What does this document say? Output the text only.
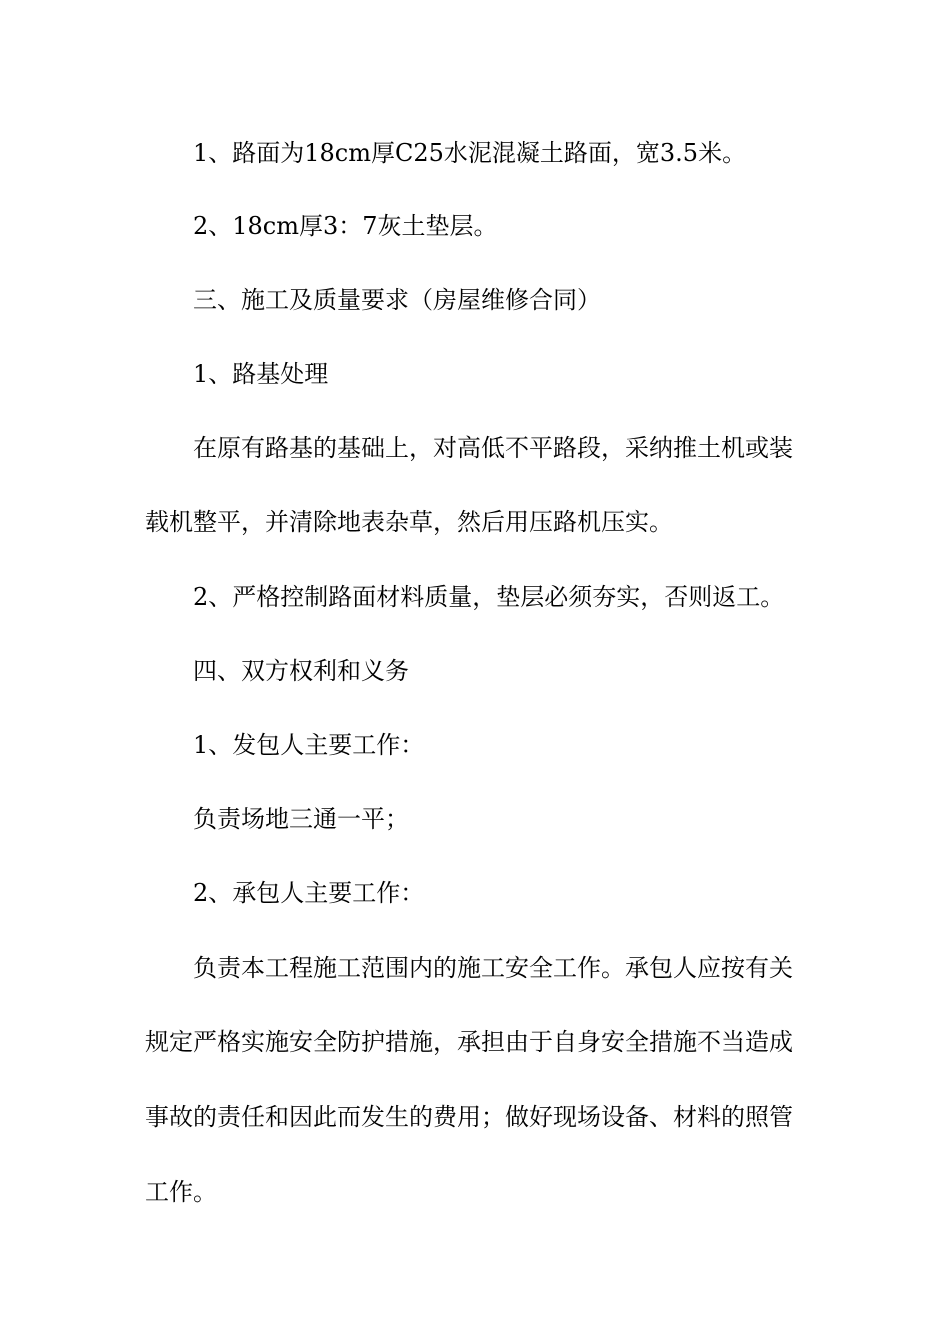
1、路面为18cm厚C25水泥混凝土路面，宽3.5米。
2、18cm厚3：7灰土垫层。
三、施工及质量要求（房屋维修合同）
1、路基处理
在原有路基的基础上，对高低不平路段，采纳推土机或装
载机整平，并清除地表杂草，然后用压路机压实。
2、严格控制路面材料质量，垫层必须夯实，否则返工。
四、双方权利和义务
1、发包人主要工作：
负责场地三通一平；
2、承包人主要工作：
负责本工程施工范围内的施工安全工作。承包人应按有关
规定严格实施安全防护措施，承担由于自身安全措施不当造成
事故的责任和因此而发生的费用；做好现场设备、材料的照管
工作。
